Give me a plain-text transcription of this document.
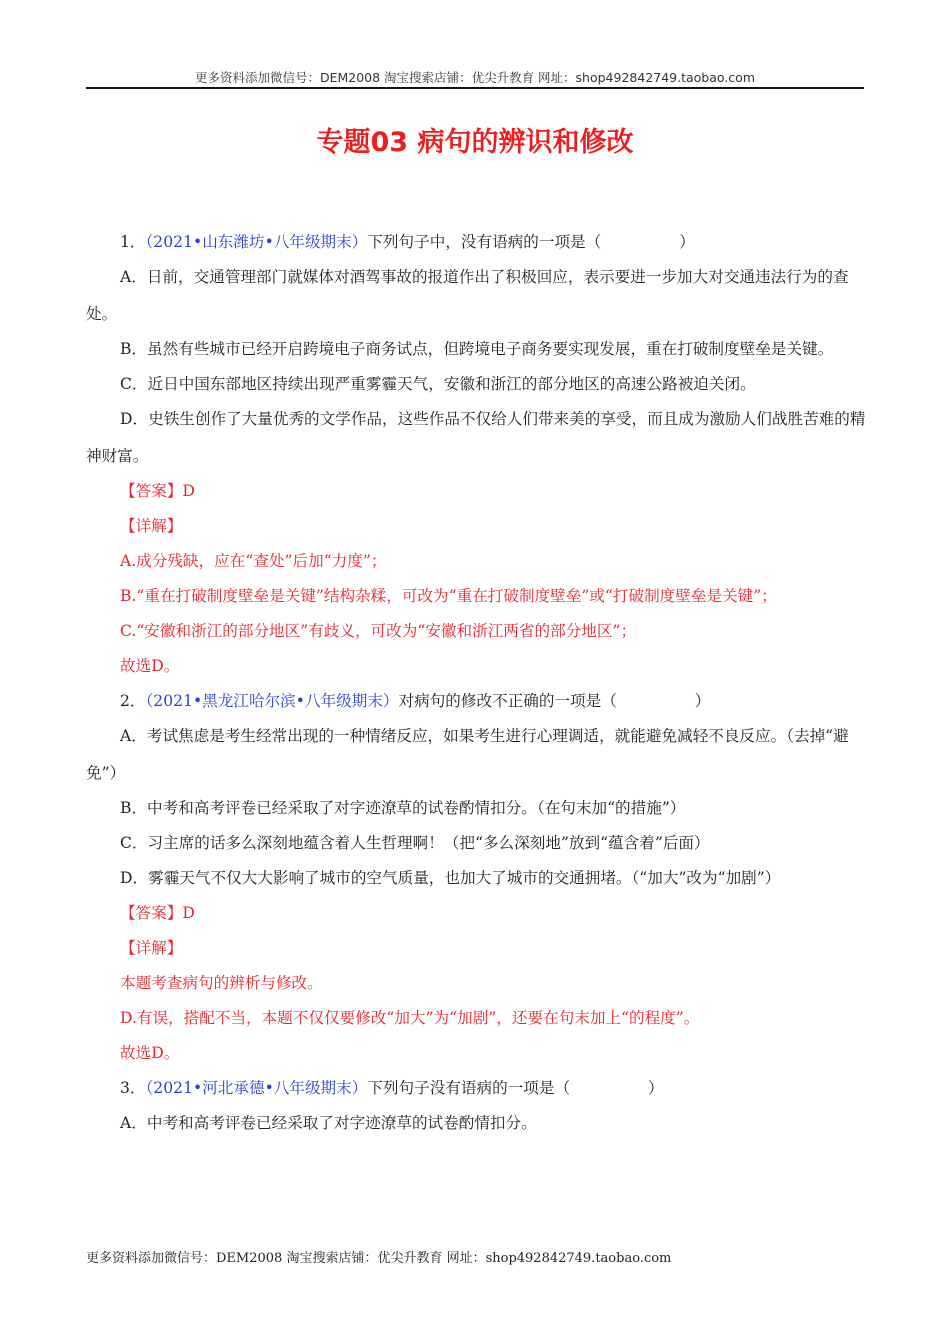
更多资料添加微信号：DEM2008 淘宝搜索店铺：优尖升教育 网址：shop492842749.taobao.com
专题03 病句的辨识和修改

1．（2021•山东潍坊•八年级期末）下列句子中，没有语病的一项是（　　　　　）

A．日前，交通管理部门就媒体对酒驾事故的报道作出了积极回应，表示要进一步加大对交通违法行为的查处。

B．虽然有些城市已经开启跨境电子商务试点，但跨境电子商务要实现发展，重在打破制度壁垒是关键。

C．近日中国东部地区持续出现严重雾霾天气，安徽和浙江的部分地区的高速公路被迫关闭。

D．史铁生创作了大量优秀的文学作品，这些作品不仅给人们带来美的享受，而且成为激励人们战胜苦难的精神财富。

【答案】D

【详解】

A.成分残缺，应在“查处”后加“力度”；

B.“重在打破制度壁垒是关键”结构杂糅，可改为“重在打破制度壁垒”或“打破制度壁垒是关键”；

C.“安徽和浙江的部分地区”有歧义，可改为“安徽和浙江两省的部分地区”；

故选D。

2．（2021•黑龙江哈尔滨•八年级期末）对病句的修改不正确的一项是（　　　　　）

A．考试焦虑是考生经常出现的一种情绪反应，如果考生进行心理调适，就能避免减轻不良反应。（去掉“避免”）

B．中考和高考评卷已经采取了对字迹潦草的试卷酌情扣分。（在句末加“的措施”）

C．习主席的话多么深刻地蕴含着人生哲理啊！（把“多么深刻地”放到“蕴含着”后面）

D．雾霾天气不仅大大影响了城市的空气质量，也加大了城市的交通拥堵。（“加大”改为“加剧”）

【答案】D

【详解】

本题考查病句的辨析与修改。

D.有误，搭配不当，本题不仅仅要修改“加大”为“加剧”，还要在句末加上“的程度”。

故选D。

3．（2021•河北承德•八年级期末）下列句子没有语病的一项是（　　　　　）

A．中考和高考评卷已经采取了对字迹潦草的试卷酌情扣分。

更多资料添加微信号：DEM2008 淘宝搜索店铺：优尖升教育 网址：shop492842749.taobao.com
